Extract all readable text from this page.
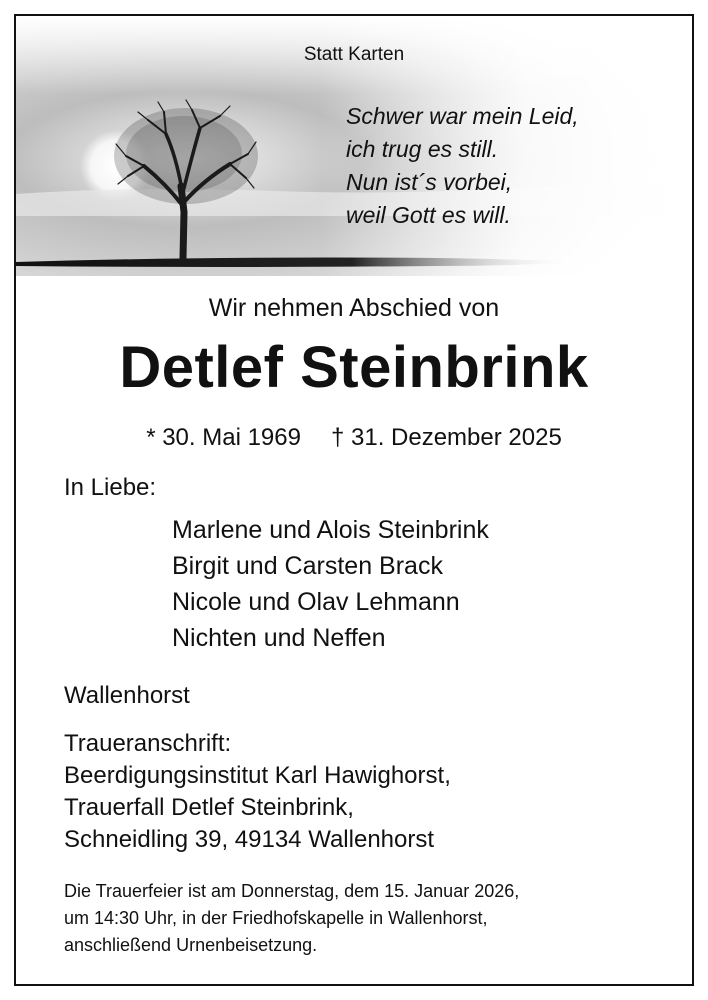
Statt Karten

Schwer war mein Leid,
ich trug es still.
Nun ist´s vorbei,
weil Gott es will.
Wir nehmen Abschied von
Detlef Steinbrink
* 30. Mai 1969 † 31. Dezember 2025
In Liebe:
Marlene und Alois Steinbrink
Birgit und Carsten Brack
Nicole und Olav Lehmann
Nichten und Neffen
Wallenhorst
Traueranschrift:
Beerdigungsinstitut Karl Hawighorst,
Trauerfall Detlef Steinbrink,
Schneidling 39, 49134 Wallenhorst
Die Trauerfeier ist am Donnerstag, dem 15. Januar 2026,
um 14:30 Uhr, in der Friedhofskapelle in Wallenhorst,
anschließend Urnenbeisetzung.
